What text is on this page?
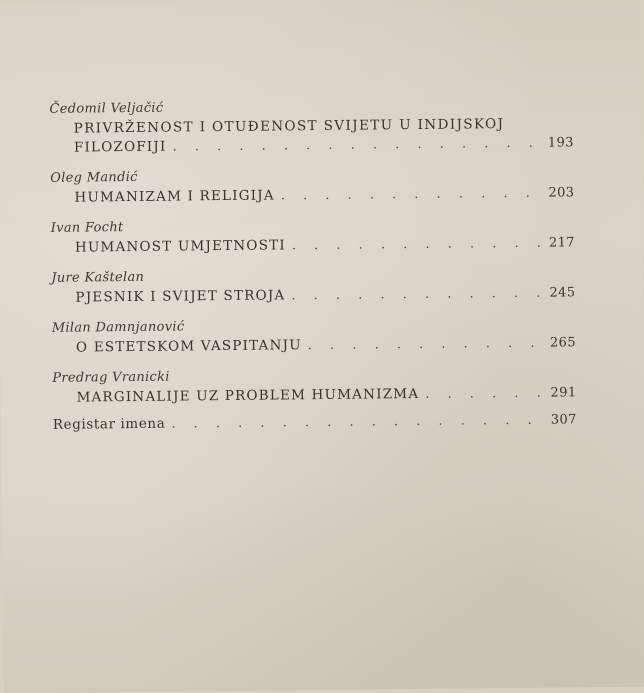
Čedomil Veljačić
PRIVRŽENOST I OTUĐENOST SVIJETU U INDIJSKOJ
FILOZOFIJI . . .	193
Oleg Mandić
HUMANIZAM I RELIGIJA . . .	203
Ivan Focht
HUMANOST UMJETNOSTI . . .	217
Jure Kaštelan
PJESNIK I SVIJET STROJA . . .	245
Milan Damnjanović
O ESTETSKOM VASPITANJU . . .	265
Predrag Vranicki
MARGINALIJE UZ PROBLEM HUMANIZMA . . .	291
Registar imena . . .	307
